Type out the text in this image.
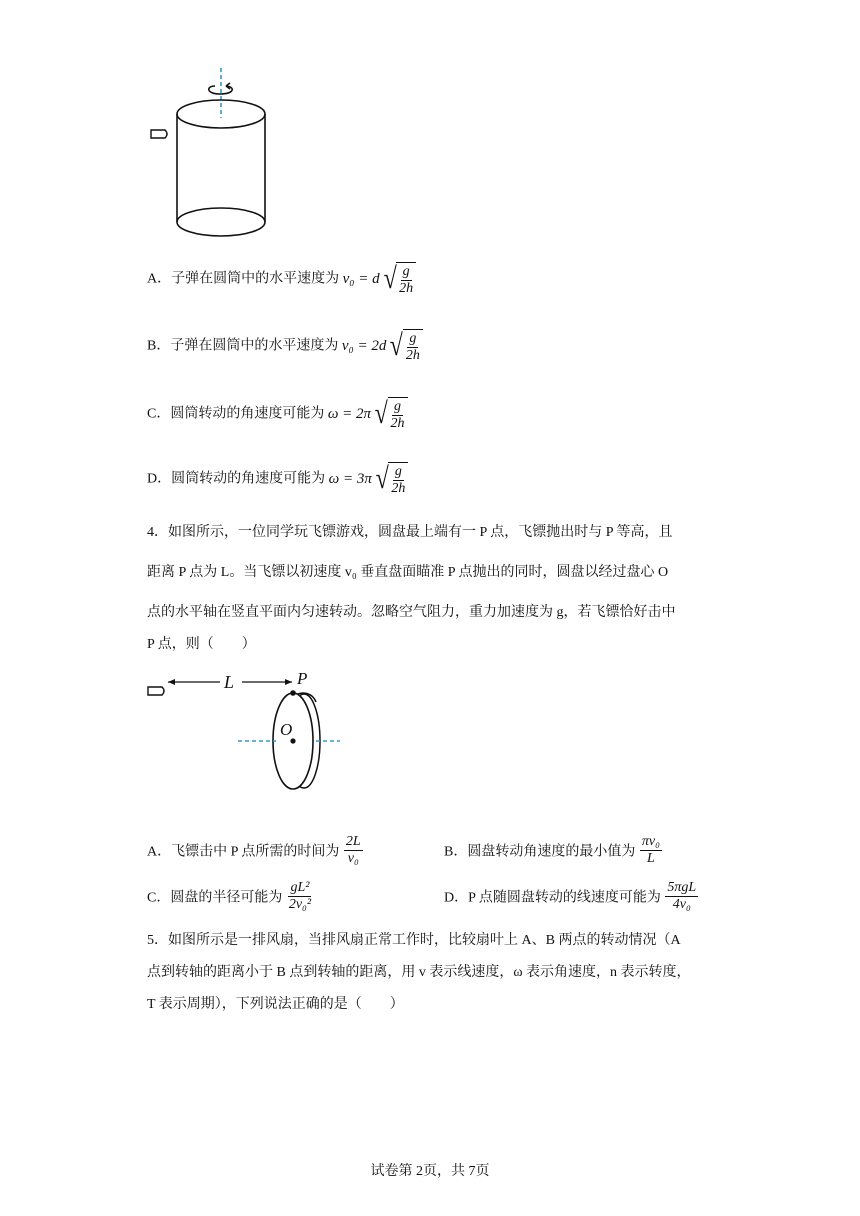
A．子弹在圆筒中的水平速度为 v₀ = d √ $\frac{g}{2h}$
B．子弹在圆筒中的水平速度为 v₀ = 2d √ $\frac{g}{2h}$
C．圆筒转动的角速度可能为 ω = 2π √ $\frac{g}{2h}$
D．圆筒转动的角速度可能为 ω = 3π √ $\frac{g}{2h}$
4．如图所示，一位同学玩飞镖游戏，圆盘最上端有一 P 点，飞镖抛出时与 P 等高，且
距离 P 点为 L。当飞镖以初速度 v₀ 垂直盘面瞄准 P 点抛出的同时，圆盘以经过盘心 O
点的水平轴在竖直平面内匀速转动。忽略空气阻力，重力加速度为 g，若飞镖恰好击中
P 点，则（　　）
L	P
O
A．飞镖击中 P 点所需的时间为 $\frac{2L}{\text{v₀}}$	B．圆盘转动角速度的最小值为 $\frac{\text{πv₀}}{L}$
C．圆盘的半径可能为 $\frac{\text{gL²}}{\text{2v₀²}}$	D．P 点随圆盘转动的线速度可能为 $\frac{\text{5πgL}}{\text{4v₀}}$
5．如图所示是一排风扇，当排风扇正常工作时，比较扇叶上 A、B 两点的转动情况（A
点到转轴的距离小于 B 点到转轴的距离，用 v 表示线速度，ω 表示角速度，n 表示转度，
T 表示周期），下列说法正确的是（　　）
试卷第 2页，共 7页
